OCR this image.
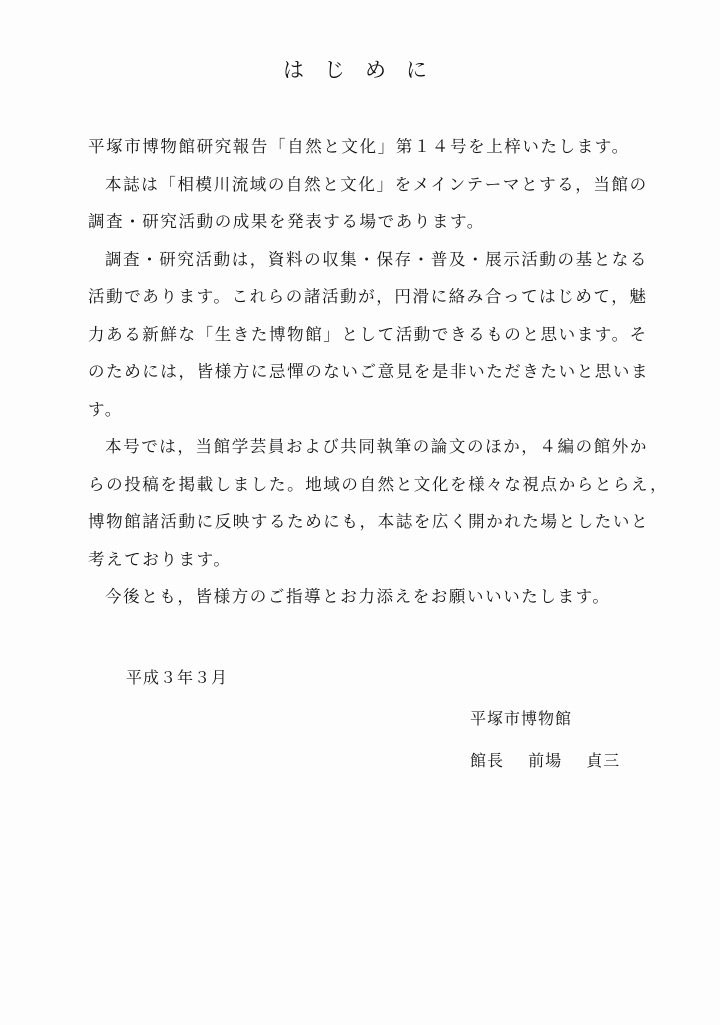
はじめに
平塚市博物館研究報告「自然と文化」第１４号を上梓いたします。
本誌は「相模川流域の自然と文化」をメインテーマとする，当館の
調査・研究活動の成果を発表する場であります。
調査・研究活動は，資料の収集・保存・普及・展示活動の基となる
活動であります。これらの諸活動が，円滑に絡み合ってはじめて，魅
力ある新鮮な「生きた博物館」として活動できるものと思います。そ
のためには，皆様方に忌憚のないご意見を是非いただきたいと思いま
す。
本号では，当館学芸員および共同執筆の論文のほか，４編の館外か
らの投稿を掲載しました。地域の自然と文化を様々な視点からとらえ，
博物館諸活動に反映するためにも，本誌を広く開かれた場としたいと
考えております。
今後とも，皆様方のご指導とお力添えをお願いいいたします。
平成３年３月
平塚市博物館
館長 前場 貞三
